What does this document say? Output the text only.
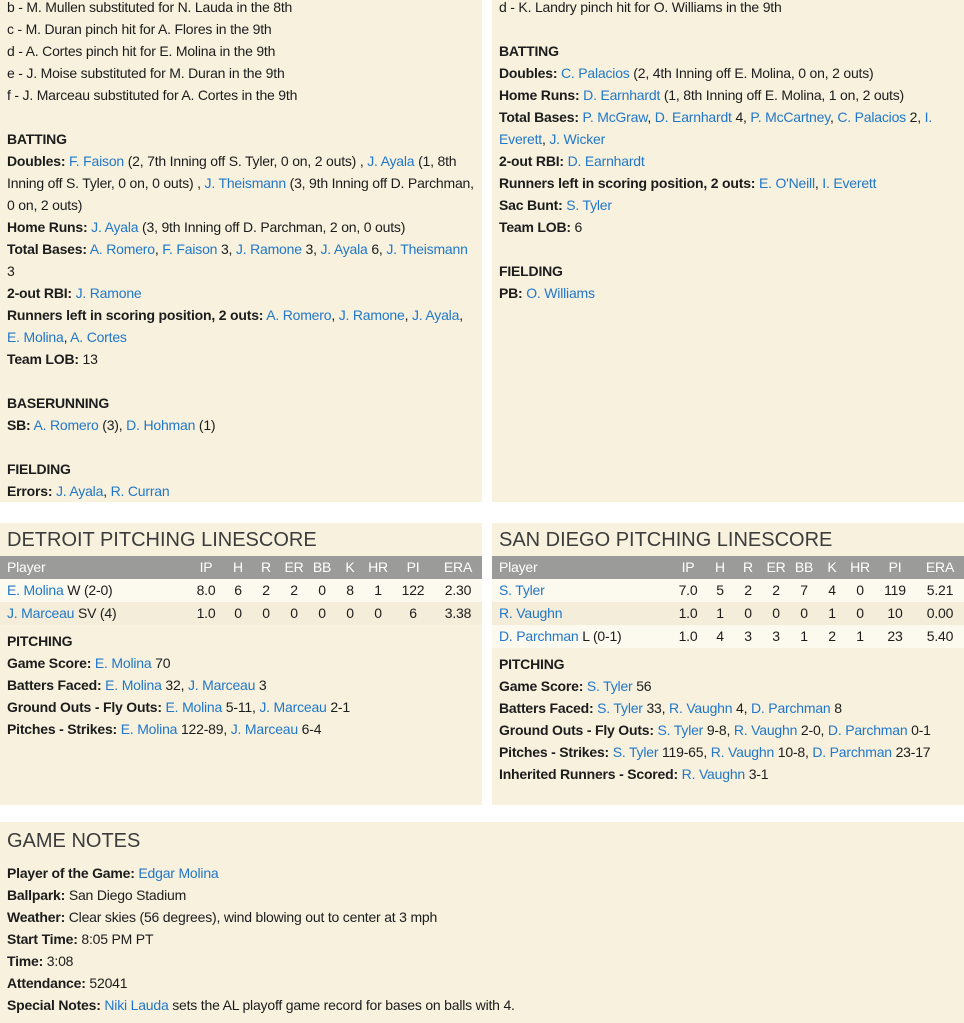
b - M. Mullen substituted for N. Lauda in the 8th
c - M. Duran pinch hit for A. Flores in the 9th
d - A. Cortes pinch hit for E. Molina in the 9th
e - J. Moise substituted for M. Duran in the 9th
f - J. Marceau substituted for A. Cortes in the 9th
BATTING
Doubles: F. Faison (2, 7th Inning off S. Tyler, 0 on, 2 outs) , J. Ayala (1, 8th Inning off S. Tyler, 0 on, 0 outs) , J. Theismann (3, 9th Inning off D. Parchman, 0 on, 2 outs)
Home Runs: J. Ayala (3, 9th Inning off D. Parchman, 2 on, 0 outs)
Total Bases: A. Romero, F. Faison 3, J. Ramone 3, J. Ayala 6, J. Theismann 3
2-out RBI: J. Ramone
Runners left in scoring position, 2 outs: A. Romero, J. Ramone, J. Ayala, E. Molina, A. Cortes
Team LOB: 13
BASERUNNING
SB: A. Romero (3), D. Hohman (1)
FIELDING
Errors: J. Ayala, R. Curran
d - K. Landry pinch hit for O. Williams in the 9th
BATTING
Doubles: C. Palacios (2, 4th Inning off E. Molina, 0 on, 2 outs)
Home Runs: D. Earnhardt (1, 8th Inning off E. Molina, 1 on, 2 outs)
Total Bases: P. McGraw, D. Earnhardt 4, P. McCartney, C. Palacios 2, I. Everett, J. Wicker
2-out RBI: D. Earnhardt
Runners left in scoring position, 2 outs: E. O'Neill, I. Everett
Sac Bunt: S. Tyler
Team LOB: 6
FIELDING
PB: O. Williams
DETROIT PITCHING LINESCORE
Player	IP	H	R ER BB	K HR	PI	ERA
E. Molina W (2-0)	8.0	6	2	2	0	8	1	122	2.30
J. Marceau SV (4)	1.0	0	0	0	0	0	0	6	3.38
PITCHING
Game Score: E. Molina 70
Batters Faced: E. Molina 32, J. Marceau 3
Ground Outs - Fly Outs: E. Molina 5-11, J. Marceau 2-1
Pitches - Strikes: E. Molina 122-89, J. Marceau 6-4
SAN DIEGO PITCHING LINESCORE
Player	IP	H	R ER BB	K HR	PI	ERA
S. Tyler	7.0	5	2	2	7	4	0	119	5.21
R. Vaughn	1.0	1	0	0	0	1	0	10	0.00
D. Parchman L (0-1)	1.0	4	3	3	1	2	1	23	5.40
PITCHING
Game Score: S. Tyler 56
Batters Faced: S. Tyler 33, R. Vaughn 4, D. Parchman 8
Ground Outs - Fly Outs: S. Tyler 9-8, R. Vaughn 2-0, D. Parchman 0-1
Pitches - Strikes: S. Tyler 119-65, R. Vaughn 10-8, D. Parchman 23-17
Inherited Runners - Scored: R. Vaughn 3-1
GAME NOTES
Player of the Game: Edgar Molina
Ballpark: San Diego Stadium
Weather: Clear skies (56 degrees), wind blowing out to center at 3 mph
Start Time: 8:05 PM PT
Time: 3:08
Attendance: 52041
Special Notes: Niki Lauda sets the AL playoff game record for bases on balls with 4.
